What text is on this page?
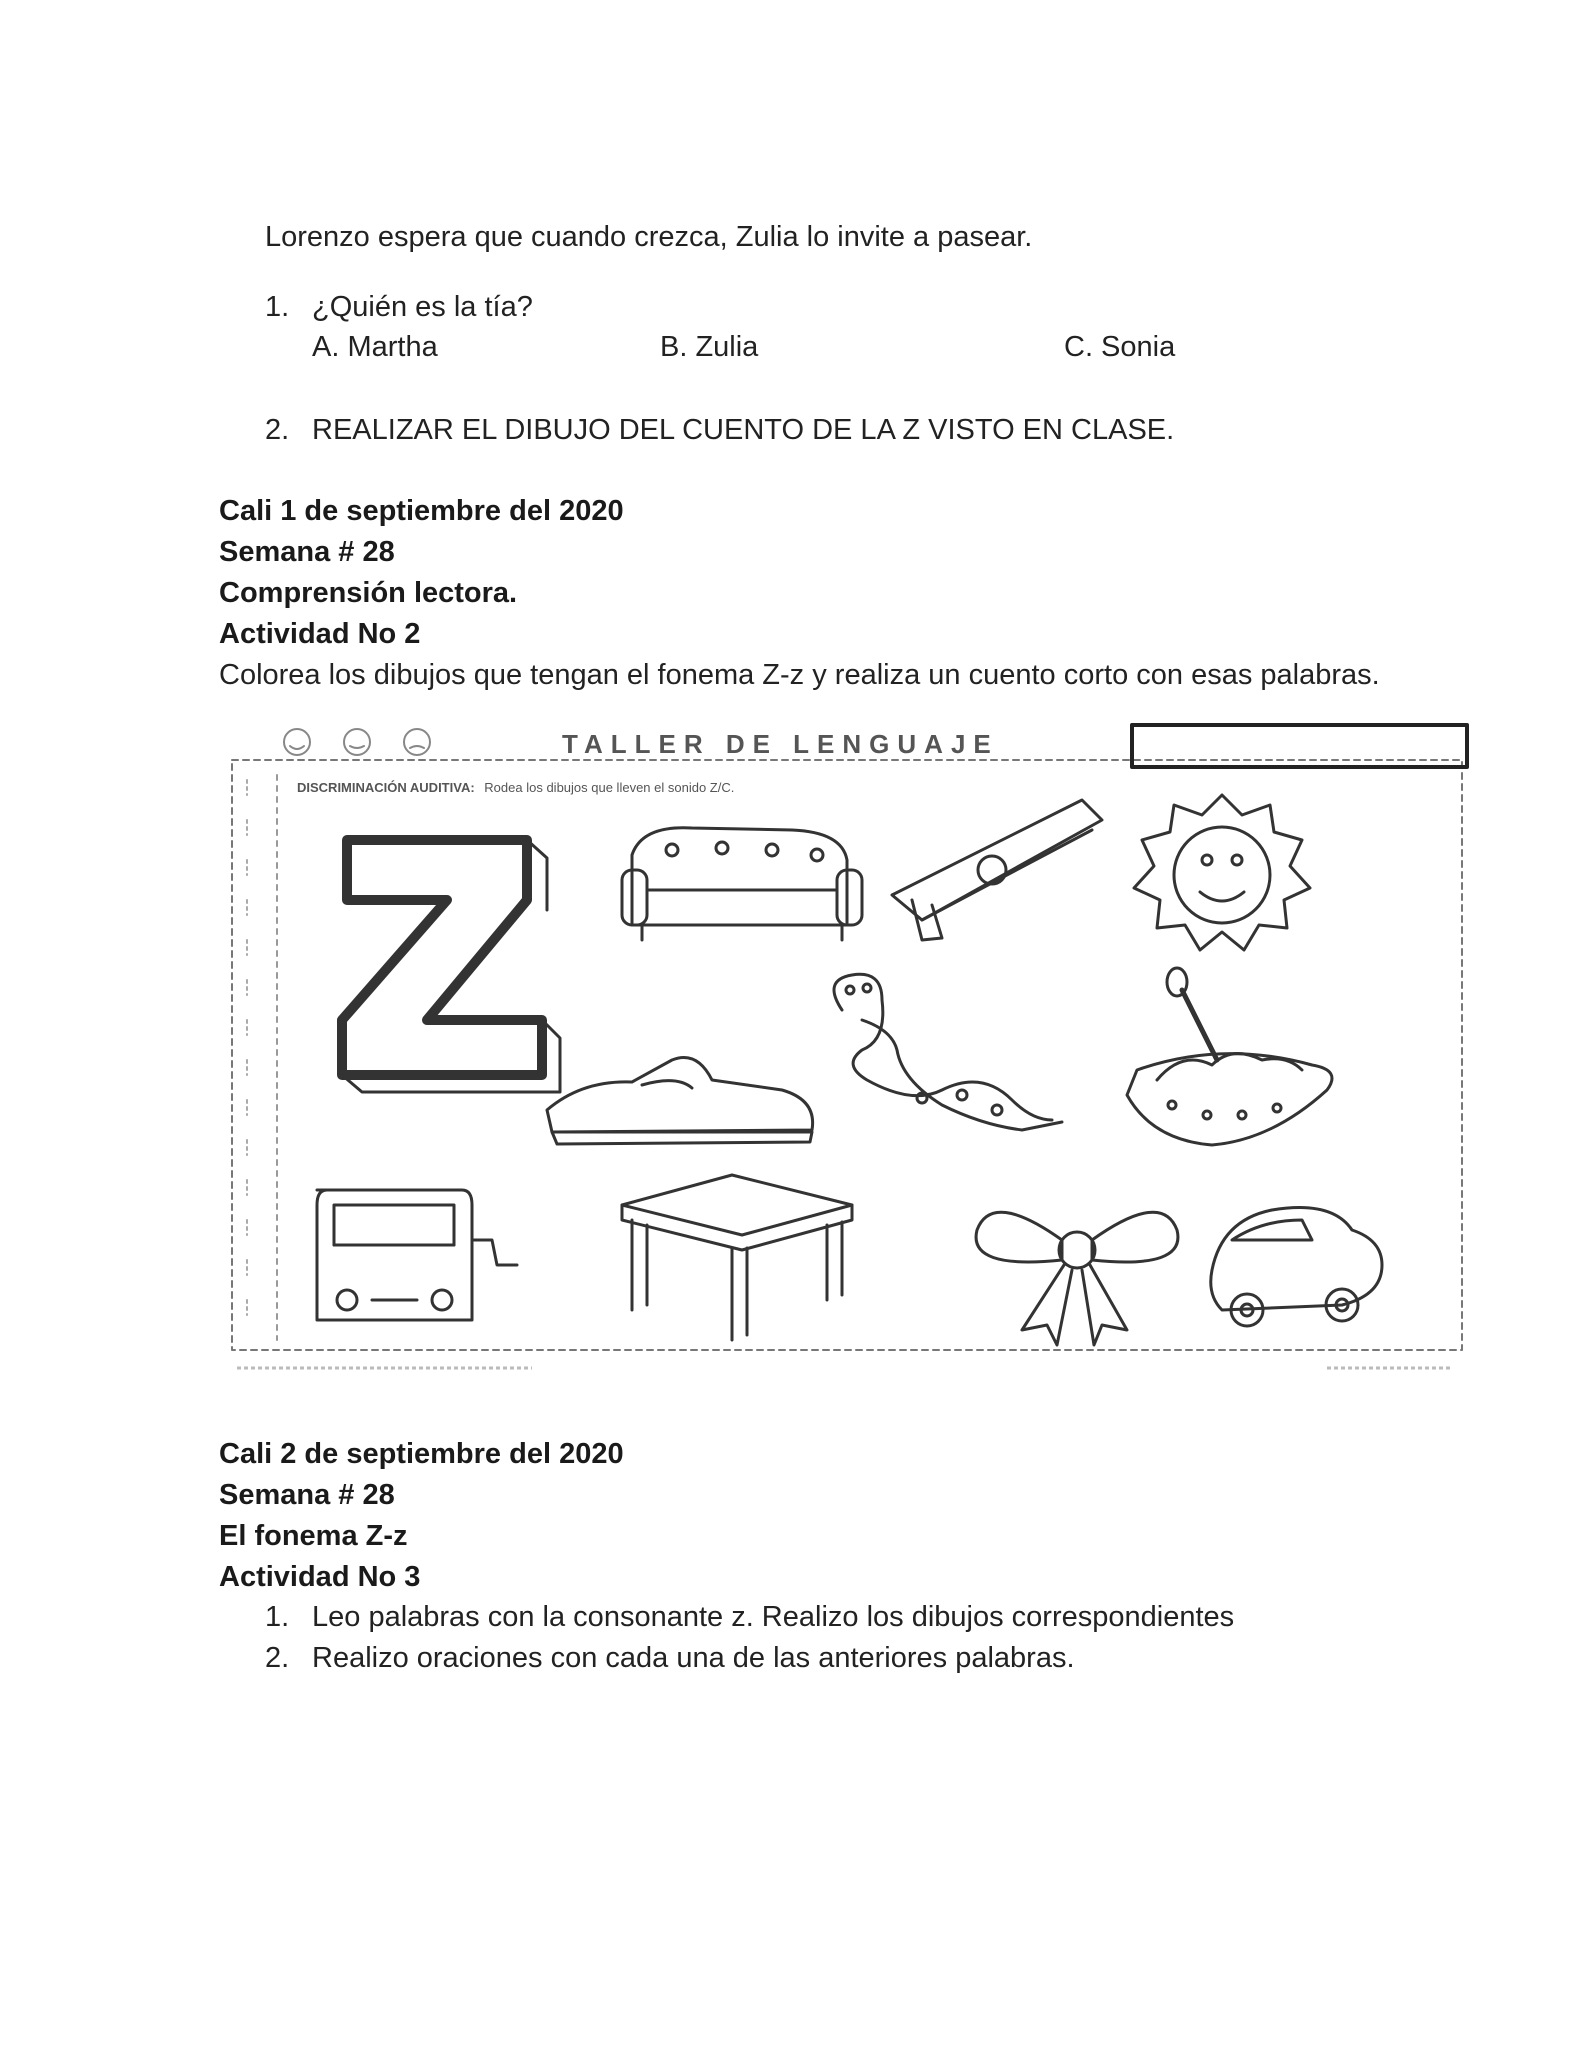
Lorenzo espera que cuando crezca, Zulia lo invite a pasear.

1. ¿Quién es la tía?
A. Martha	B. Zulia	C. Sonia
2. REALIZAR EL DIBUJO DEL CUENTO DE LA Z VISTO EN CLASE.

Cali 1 de septiembre del 2020

Semana # 28

Comprensión lectora.

Actividad No 2

Colorea los dibujos que tengan el fonema Z-z y realiza un cuento corto con esas palabras.

TALLER DE LENGUAJE
DISCRIMINACIÓN AUDITIVA: Rodea los dibujos que lleven el sonido Z/C.

Cali 2 de septiembre del 2020

Semana # 28

El fonema Z-z

Actividad No 3

1. Leo palabras con la consonante z. Realizo los dibujos correspondientes
2. Realizo oraciones con cada una de las anteriores palabras.
